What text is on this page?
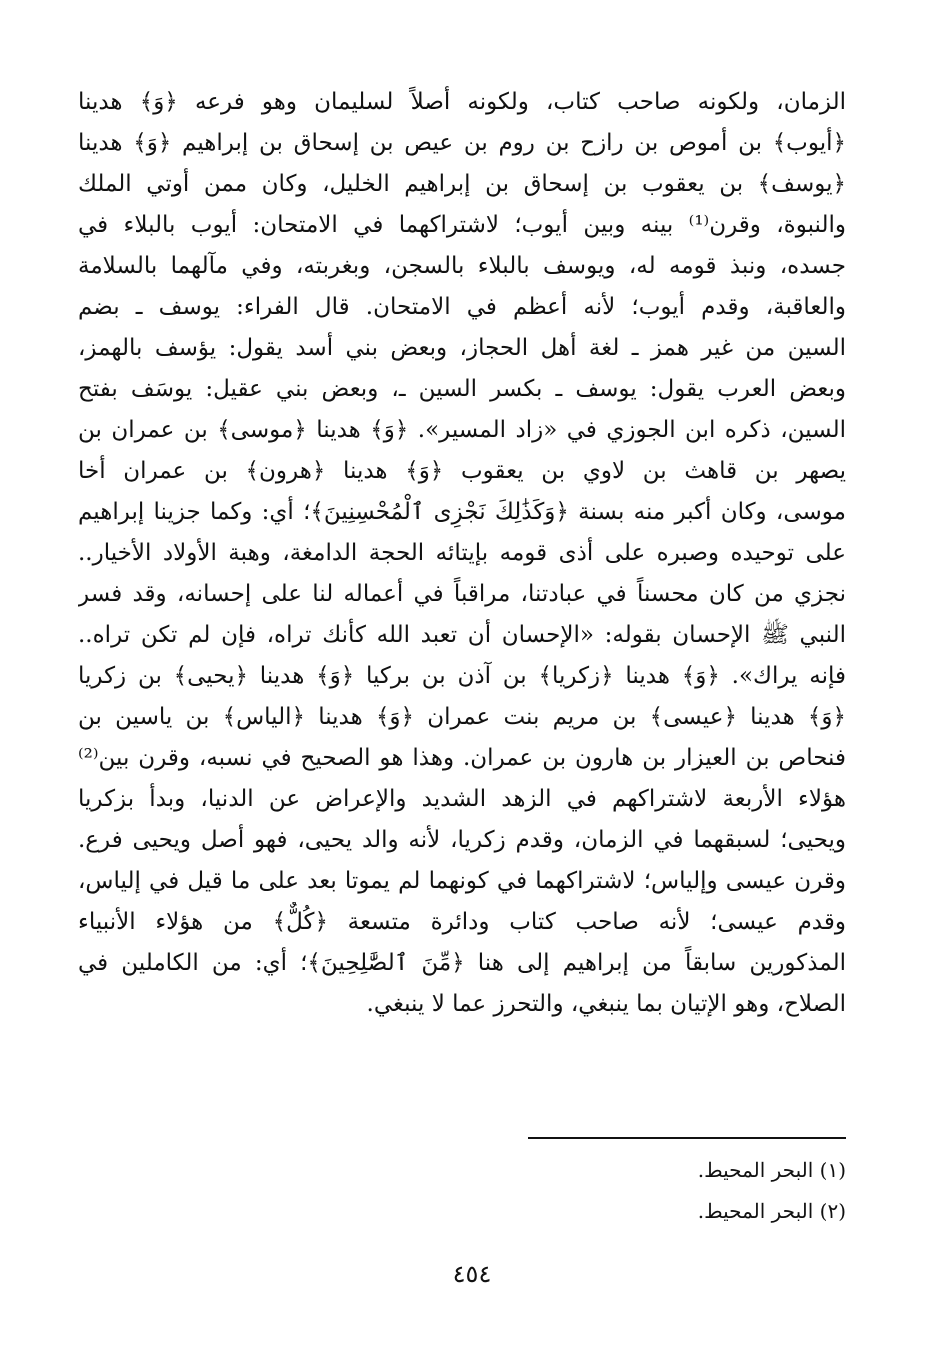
الزمان، ولكونه صاحب كتاب، ولكونه أصلاً لسليمان وهو فرعه ﴿وَ﴾ هدينا
﴿أيوب﴾ بن أموص بن رازح بن روم بن عيص بن إسحاق بن إبراهيم ﴿وَ﴾ هدينا
﴿يوسف﴾ بن يعقوب بن إسحاق بن إبراهيم الخليل، وكان ممن أوتي الملك
والنبوة، وقرن⁽¹⁾ بينه وبين أيوب؛ لاشتراكهما في الامتحان: أيوب بالبلاء في
جسده، ونبذ قومه له، ويوسف بالبلاء بالسجن، وبغربته، وفي مآلهما بالسلامة
والعاقبة، وقدم أيوب؛ لأنه أعظم في الامتحان. قال الفراء: يوسف ـ بضم
السين من غير همز ـ لغة أهل الحجاز، وبعض بني أسد يقول: يؤسف بالهمز،
وبعض العرب يقول: يوسف ـ بكسر السين ـ، وبعض بني عقيل: يوسَف بفتح
السين، ذكره ابن الجوزي في «زاد المسير». ﴿وَ﴾ هدينا ﴿موسى﴾ بن عمران بن
يصهر بن قاهث بن لاوي بن يعقوب ﴿وَ﴾ هدينا ﴿هرون﴾ بن عمران أخا
موسى، وكان أكبر منه بسنة ﴿وَكَذَٰلِكَ نَجْزِى ٱلْمُحْسِنِينَ﴾؛ أي: وكما جزينا إبراهيم
على توحيده وصبره على أذى قومه بإيتائه الحجة الدامغة، وهبة الأولاد الأخيار..
نجزي من كان محسناً في عبادتنا، مراقباً في أعماله لنا على إحسانه، وقد فسر
النبي ﷺ الإحسان بقوله: «الإحسان أن تعبد الله كأنك تراه، فإن لم تكن تراه..
فإنه يراك». ﴿وَ﴾ هدينا ﴿زكريا﴾ بن آذن بن بركيا ﴿وَ﴾ هدينا ﴿يحيى﴾ بن زكريا
﴿وَ﴾ هدينا ﴿عيسى﴾ بن مريم بنت عمران ﴿وَ﴾ هدينا ﴿الياس﴾ بن ياسين بن
فنحاص بن العيزار بن هارون بن عمران. وهذا هو الصحيح في نسبه، وقرن بين⁽²⁾
هؤلاء الأربعة لاشتراكهم في الزهد الشديد والإعراض عن الدنيا، وبدأ بزكريا
ويحيى؛ لسبقهما في الزمان، وقدم زكريا، لأنه والد يحيى، فهو أصل ويحيى فرع.
وقرن عيسى وإلياس؛ لاشتراكهما في كونهما لم يموتا بعد على ما قيل في إلياس،
وقدم عيسى؛ لأنه صاحب كتاب ودائرة متسعة ﴿كُلٌّ﴾ من هؤلاء الأنبياء
المذكورين سابقاً من إبراهيم إلى هنا ﴿مِّنَ ٱلصَّٰلِحِينَ﴾؛ أي: من الكاملين في
الصلاح، وهو الإتيان بما ينبغي، والتحرز عما لا ينبغي.
(١) البحر المحيط.
(٢) البحر المحيط.
٤٥٤
